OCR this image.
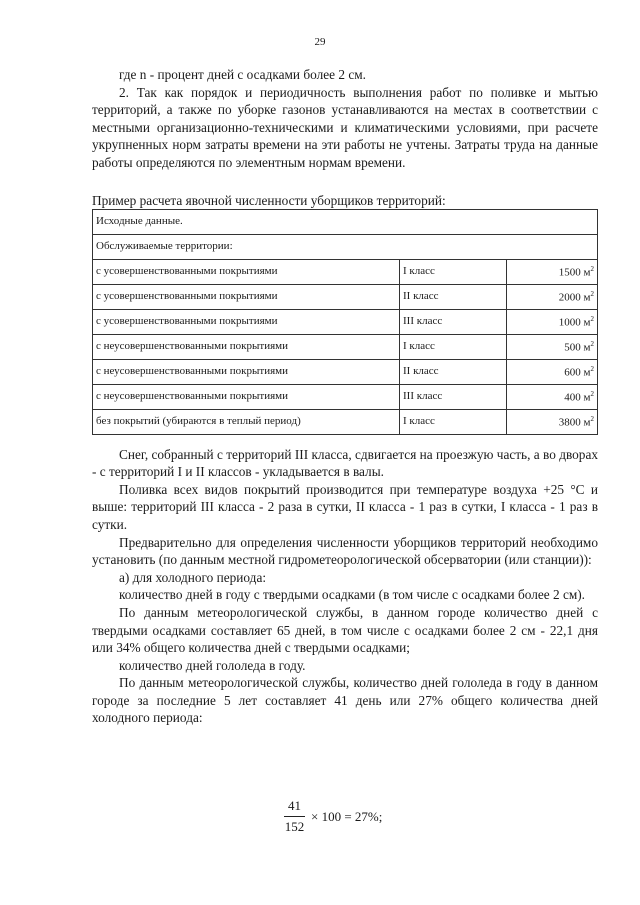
29

где n - процент дней с осадками более 2 см.

2. Так как порядок и периодичность выполнения работ по поливке и мытью территорий, а также по уборке газонов устанавливаются на местах в соответствии с местными организационно-техническими и климатическими условиями, при расчете укрупненных норм затраты времени на эти работы не учтены. Затраты труда на данные работы определяются по элементным нормам времени.

Пример расчета явочной численности уборщиков территорий:

Исходные данные.		
Обслуживаемые территории:		
с усовершенствованными покрытиями	I класс	1500 $м^2$
с усовершенствованными покрытиями	II класс	2000 $м^2$
с усовершенствованными покрытиями	III класс	1000 $м^2$
с неусовершенствованными покрытиями	I класс	500 $м^2$
с неусовершенствованными покрытиями	II класс	600 $м^2$
с неусовершенствованными покрытиями	III класс	400 $м^2$
без покрытий (убираются в теплый период)	I класс	3800 $м^2$

Снег, собранный с территорий III класса, сдвигается на проезжую часть, а во дворах - с территорий I и II классов - укладывается в валы.

Поливка всех видов покрытий производится при температуре воздуха +25 °С и выше: территорий III класса - 2 раза в сутки, II класса - 1 раз в сутки, I класса - 1 раз в сутки.

Предварительно для определения численности уборщиков территорий необходимо установить (по данным местной гидрометеорологической обсерватории (или станции)):

а) для холодного периода:

количество дней в году с твердыми осадками (в том числе с осадками более 2 см).

По данным метеорологической службы, в данном городе количество дней с твердыми осадками составляет 65 дней, в том числе с осадками более 2 см - 22,1 дня или 34% общего количества дней с твердыми осадками;

количество дней гололеда в году.

По данным метеорологической службы, количество дней гололеда в году в данном городе за последние 5 лет составляет 41 день или 27% общего количества дней холодного периода:

$\frac{41}{152} \times 100 = 27\%$;
